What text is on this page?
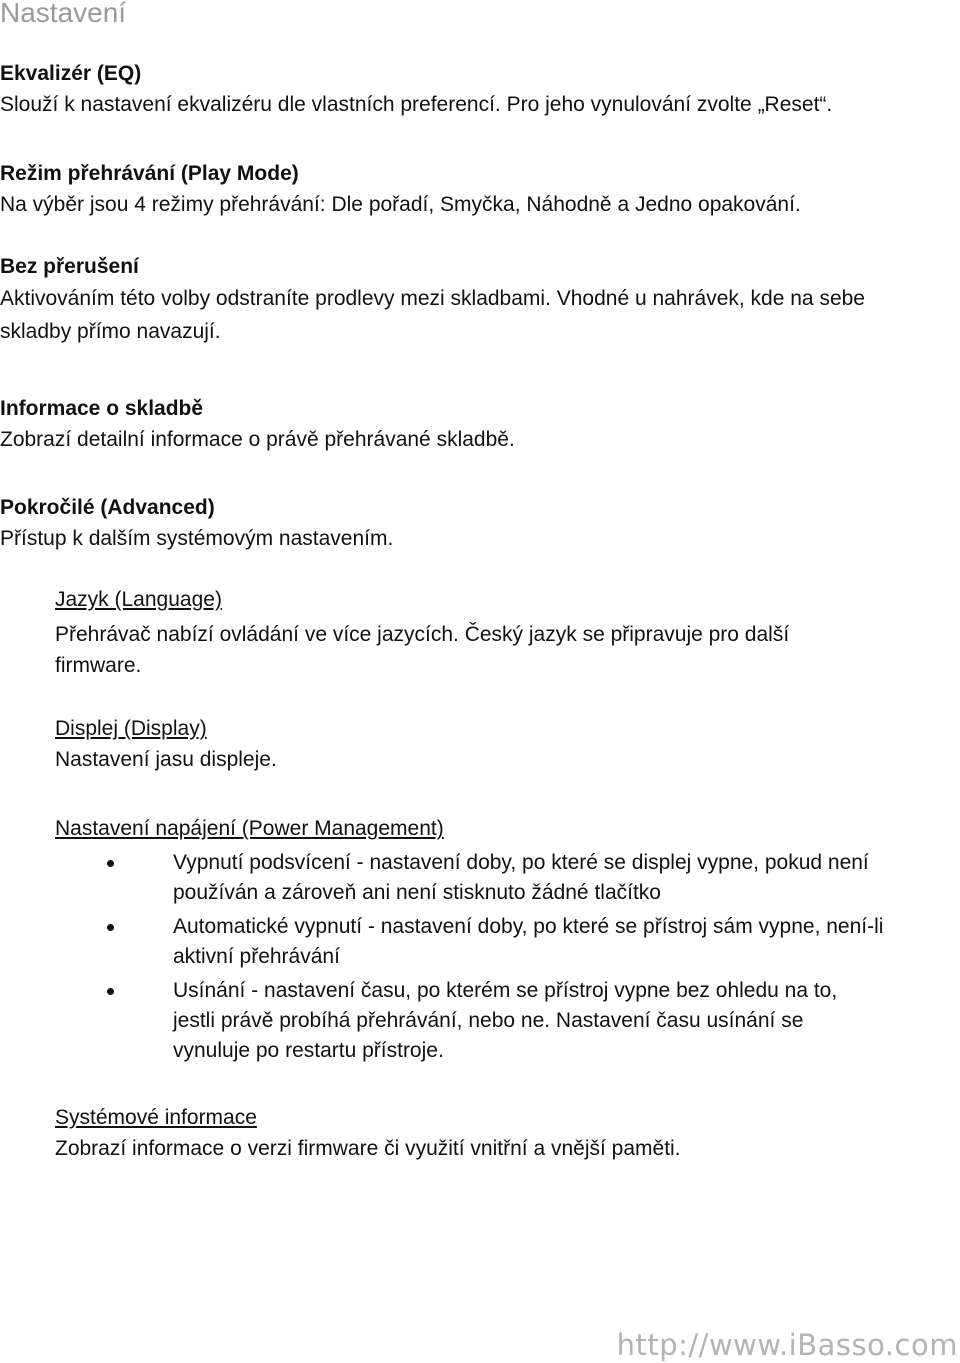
Nastavení
Ekvalizér (EQ)
Slouží k nastavení ekvalizéru dle vlastních preferencí. Pro jeho vynulování zvolte „Reset“.
Režim přehrávání (Play Mode)
Na výběr jsou 4 režimy přehrávání: Dle pořadí, Smyčka, Náhodně a Jedno opakování.
Bez přerušení
Aktivováním této volby odstraníte prodlevy mezi skladbami. Vhodné u nahrávek, kde na sebe skladby přímo navazují.
Informace o skladbě
Zobrazí detailní informace o právě přehrávané skladbě.
Pokročilé (Advanced)
Přístup k dalším systémovým nastavením.
Jazyk (Language)
Přehrávač nabízí ovládání ve více jazycích. Český jazyk se připravuje pro další firmware.
Displej (Display)
Nastavení jasu displeje.
Nastavení napájení (Power Management)
Vypnutí podsvícení - nastavení doby, po které se displej vypne, pokud není používán a zároveň ani není stisknuto žádné tlačítko
Automatické vypnutí - nastavení doby, po které se přístroj sám vypne, není-li aktivní přehrávání
Usínání - nastavení času, po kterém se přístroj vypne bez ohledu na to, jestli právě probíhá přehrávání, nebo ne. Nastavení času usínání se vynuluje po restartu přístroje.
Systémové informace
Zobrazí informace o verzi firmware či využití vnitřní a vnější paměti.
http://www.iBasso.com
